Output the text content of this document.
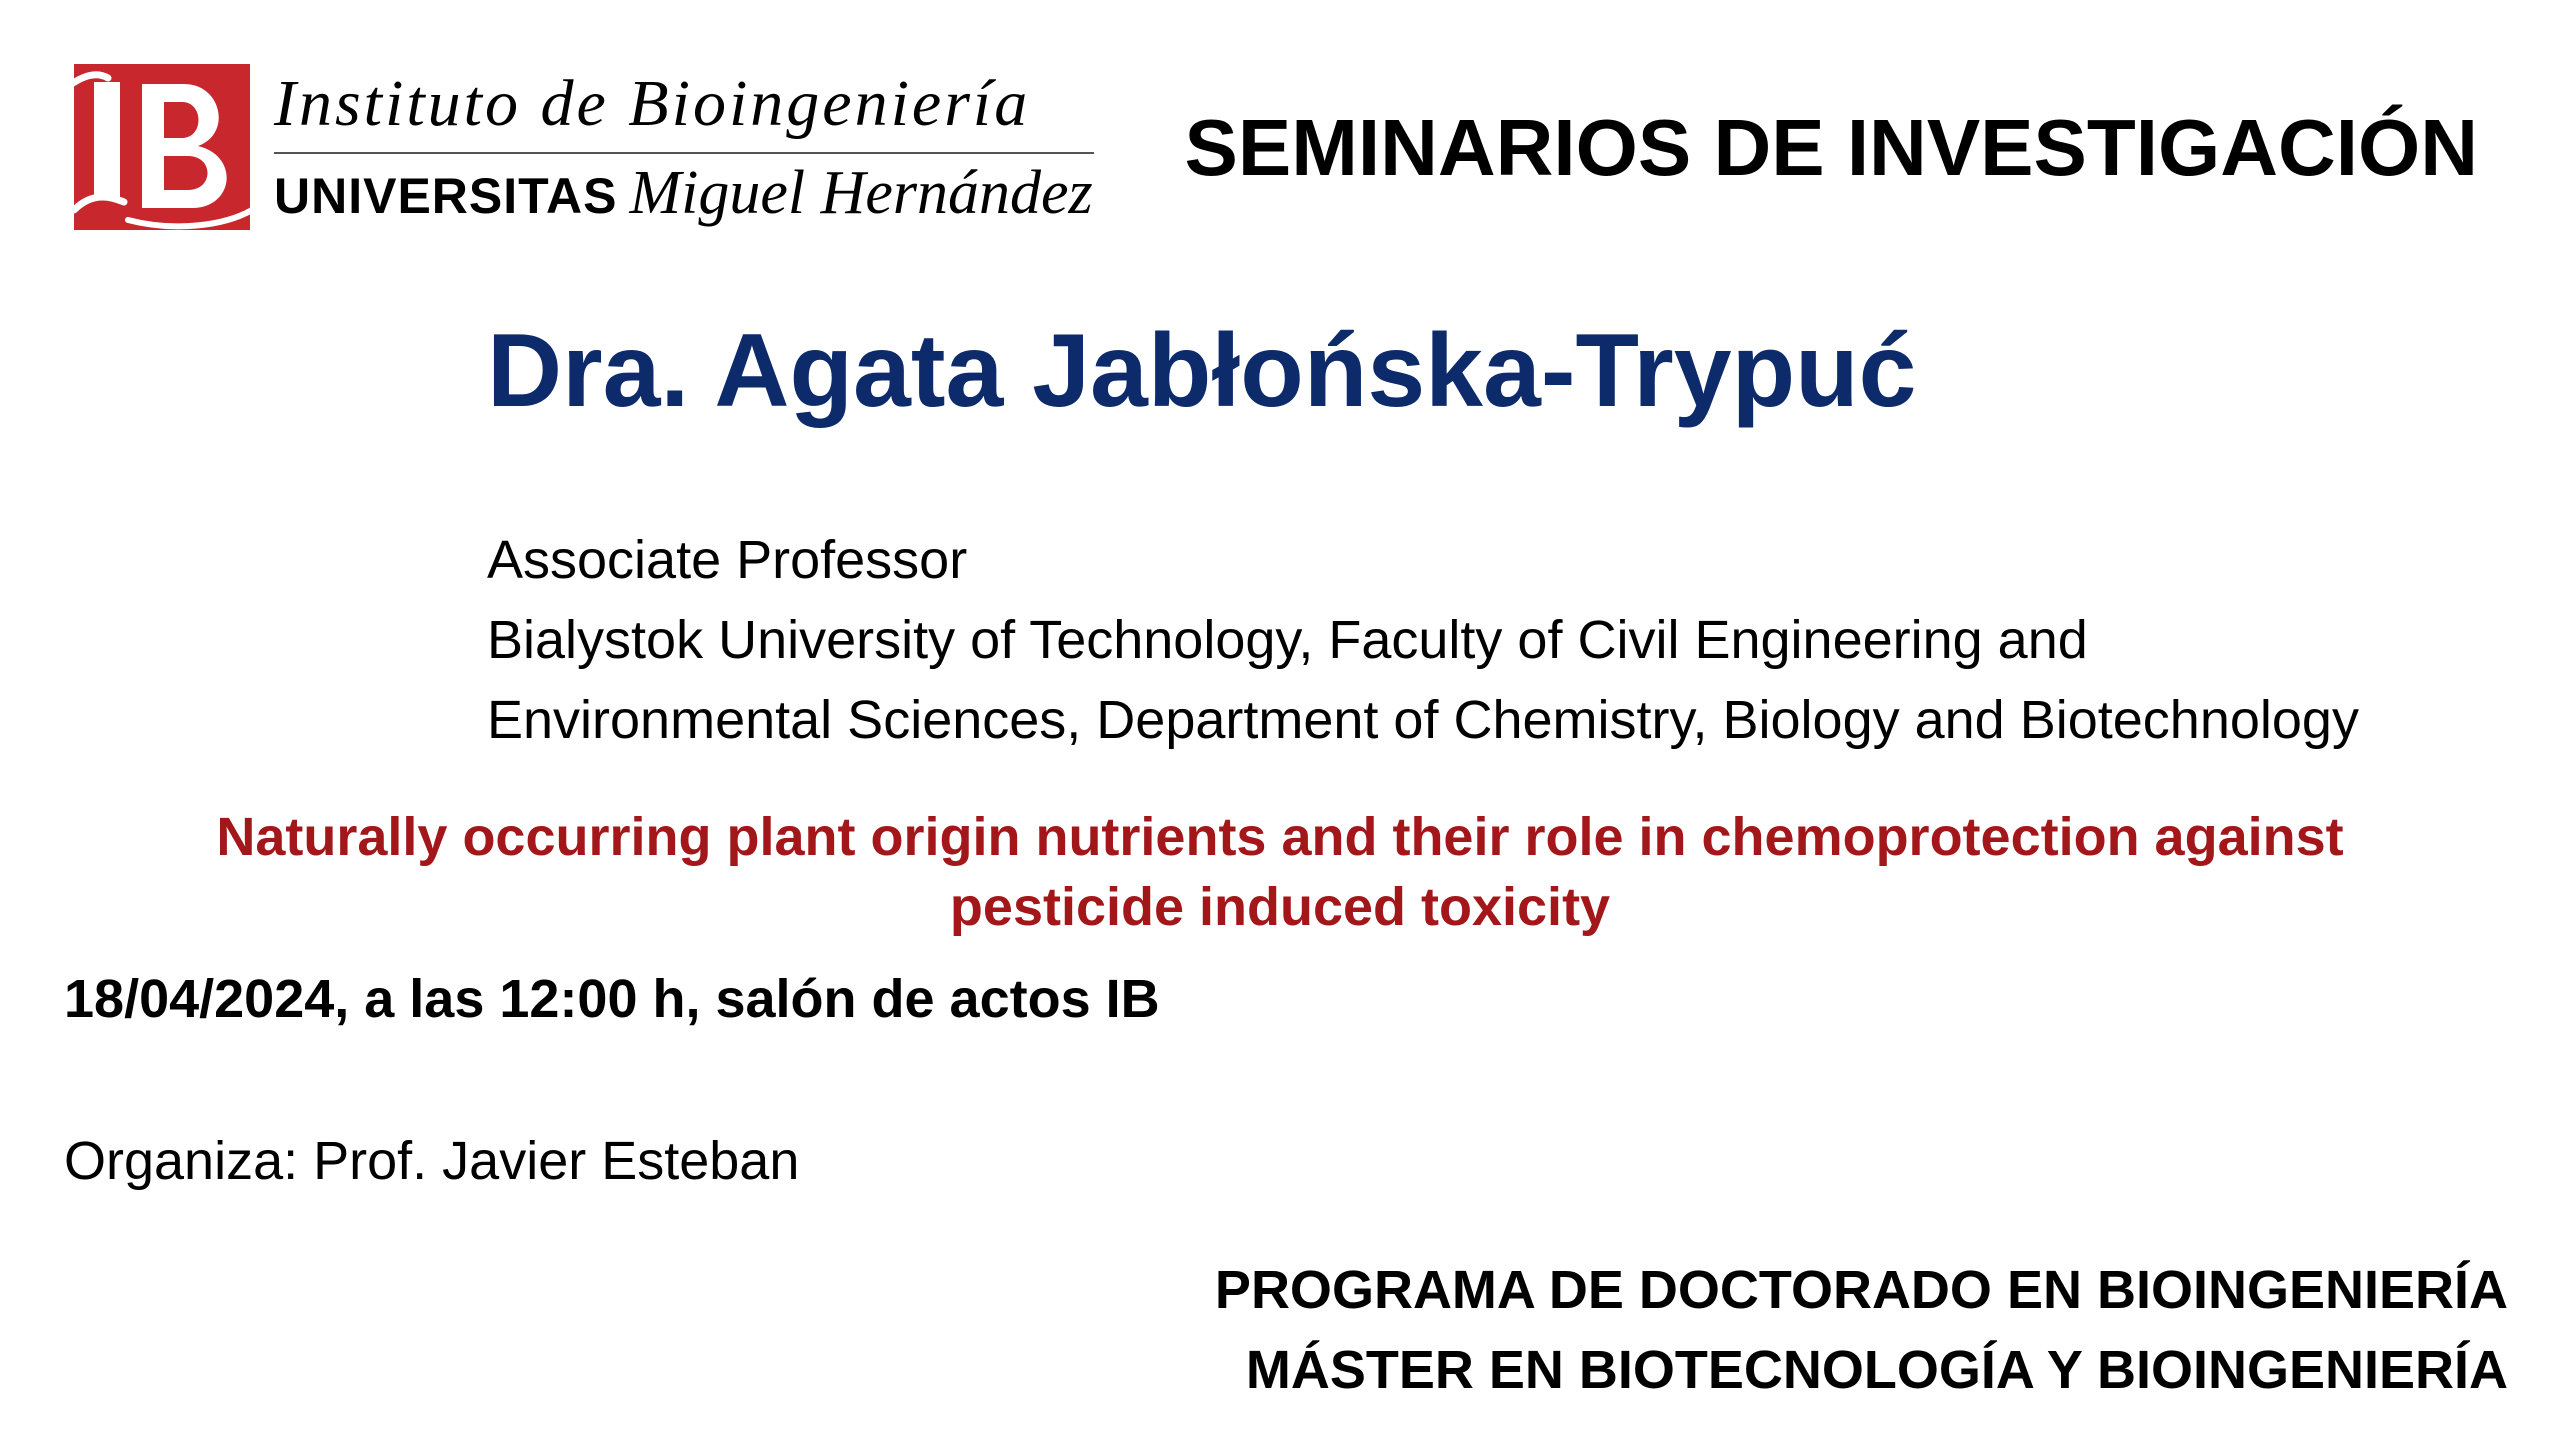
Instituto de Bioingeniería
UNIVERSITAS Miguel Hernández
SEMINARIOS DE INVESTIGACIÓN
Dra. Agata Jabłońska-Trypuć
Associate Professor
Bialystok University of Technology, Faculty of Civil Engineering and
Environmental Sciences, Department of Chemistry, Biology and Biotechnology
Naturally occurring plant origin nutrients and their role in chemoprotection against
pesticide induced toxicity
18/04/2024, a las 12:00 h, salón de actos IB
Organiza: Prof. Javier Esteban
PROGRAMA DE DOCTORADO EN BIOINGENIERÍA
MÁSTER EN BIOTECNOLOGÍA Y BIOINGENIERÍA
